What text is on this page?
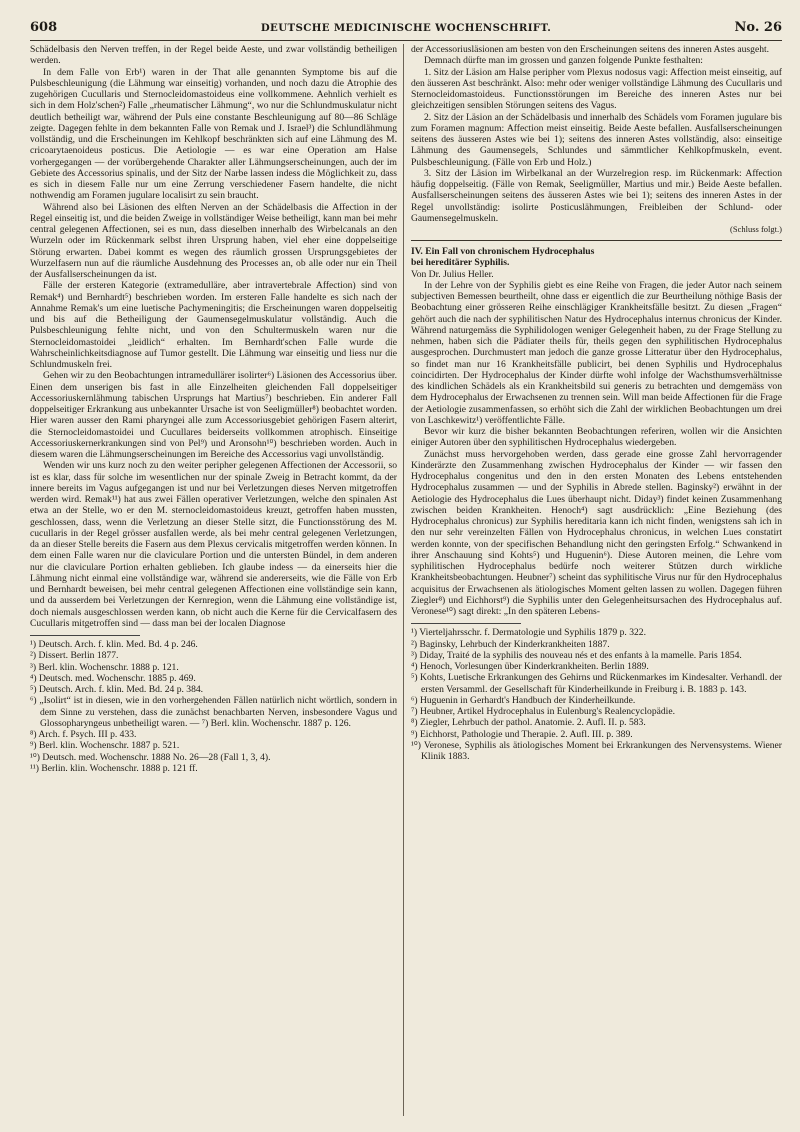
608	DEUTSCHE MEDICINISCHE WOCHENSCHRIFT.	No. 26

Schädelbasis den Nerven treffen, in der Regel beide Aeste, und zwar vollständig betheiligen werden.

In dem Falle von Erb¹) waren in der That alle genannten Symptome bis auf die Pulsbeschleunigung (die Lähmung war einseitig) vorhanden, und noch dazu die Atrophie des zugehörigen Cucullaris und Sternocleidomastoideus eine vollkommene. Aehnlich verhielt es sich in dem Holz'schen²) Falle „rheumatischer Lähmung“, wo nur die Schlundmuskulatur nicht deutlich betheiligt war, während der Puls eine constante Beschleunigung auf 80—86 Schläge zeigte. Dagegen fehlte in dem bekannten Falle von Remak und J. Israel³) die Schlundlähmung vollständig, und die Erscheinungen im Kehlkopf beschränkten sich auf eine Lähmung des M. cricoarytaenoideus posticus. Die Aetiologie — es war eine Operation am Halse vorhergegangen — der vorübergehende Charakter aller Lähmungserscheinungen, auch der im Gebiete des Accessorius spinalis, und der Sitz der Narbe lassen indess die Möglichkeit zu, dass es sich in diesem Falle nur um eine Zerrung verschiedener Fasern handelte, die nicht nothwendig am Foramen jugulare localisirt zu sein braucht.

Während also bei Läsionen des elften Nerven an der Schädelbasis die Affection in der Regel einseitig ist, und die beiden Zweige in vollständiger Weise betheiligt, kann man bei mehr central gelegenen Affectionen, sei es nun, dass dieselben innerhalb des Wirbelcanals an den Wurzeln oder im Rückenmark selbst ihren Ursprung haben, viel eher eine doppelseitige Störung erwarten. Dabei kommt es wegen des räumlich grossen Ursprungsgebietes der Wurzelfasern nun auf die räumliche Ausdehnung des Processes an, ob alle oder nur ein Theil der Ausfallserscheinungen da ist.

Fälle der ersteren Kategorie (extramedulläre, aber intravertebrale Affection) sind von Remak⁴) und Bernhardt⁵) beschrieben worden. Im ersteren Falle handelte es sich nach der Annahme Remak's um eine luetische Pachymeningitis; die Erscheinungen waren doppelseitig und bis auf die Betheiligung der Gaumensegelmuskulatur vollständig. Auch die Pulsbeschleunigung fehlte nicht, und von den Schultermuskeln waren nur die Sternocleidomastoidei „leidlich“ erhalten. Im Bernhardt'schen Falle wurde die Wahrscheinlichkeitsdiagnose auf Tumor gestellt. Die Lähmung war einseitig und liess nur die Schlundmuskeln frei.

Gehen wir zu den Beobachtungen intramedullärer isolirter⁶) Läsionen des Accessorius über. Einen dem unserigen bis fast in alle Einzelheiten gleichenden Fall doppelseitiger Accessoriuskernlähmung tabischen Ursprungs hat Martius⁷) beschrieben. Ein anderer Fall doppelseitiger Erkrankung aus unbekannter Ursache ist von Seeligmüller⁸) beobachtet worden. Hier waren ausser den Rami pharyngei alle zum Accessoriusgebiet gehörigen Fasern alterirt, die Sternocleidomastoidei und Cucullares beiderseits vollkommen atrophisch. Einseitige Accessoriuskernerkrankungen sind von Pel⁹) und Aronsohn¹⁰) beschrieben worden. Auch in diesem waren die Lähmungserscheinungen im Bereiche des Accessorius vagi unvollständig.

Wenden wir uns kurz noch zu den weiter peripher gelegenen Affectionen der Accessorii, so ist es klar, dass für solche im wesentlichen nur der spinale Zweig in Betracht kommt, da der innere bereits im Vagus aufgegangen ist und nur bei Verletzungen dieses Nerven mitgetroffen werden wird. Remak¹¹) hat aus zwei Fällen operativer Verletzungen, welche den spinalen Ast etwa an der Stelle, wo er den M. sternocleidomastoideus kreuzt, getroffen haben mussten, geschlossen, dass, wenn die Verletzung an dieser Stelle sitzt, die Functionsstörung des M. cucullaris in der Regel grösser ausfallen werde, als bei mehr central gelegenen Verletzungen, da an dieser Stelle bereits die Fasern aus dem Plexus cervicalis mitgetroffen werden können. In dem einen Falle waren nur die claviculare Portion und die untersten Bündel, in dem anderen nur die claviculare Portion erhalten geblieben. Ich glaube indess — da einerseits hier die Lähmung nicht einmal eine vollständige war, während sie andererseits, wie die Fälle von Erb und Bernhardt beweisen, bei mehr central gelegenen Affectionen eine vollständige sein kann, und da ausserdem bei Verletzungen der Kernregion, wenn die Lähmung eine vollständige ist, doch niemals ausgeschlossen werden kann, ob nicht auch die Kerne für die Cervicalfasern des Cucullaris mitgetroffen sind — dass man bei der localen Diagnose

¹) Deutsch. Arch. f. klin. Med. Bd. 4 p. 246.

²) Dissert. Berlin 1877.

³) Berl. klin. Wochenschr. 1888 p. 121.

⁴) Deutsch. med. Wochenschr. 1885 p. 469.

⁵) Deutsch. Arch. f. klin. Med. Bd. 24 p. 384.

⁶) „Isolirt“ ist in diesen, wie in den vorhergehenden Fällen natürlich nicht wörtlich, sondern in dem Sinne zu verstehen, dass die zunächst benachbarten Nerven, insbesondere Vagus und Glossopharyngeus unbetheiligt waren. — ⁷) Berl. klin. Wochenschr. 1887 p. 126.

⁸) Arch. f. Psych. III p. 433.

⁹) Berl. klin. Wochenschr. 1887 p. 521.

¹⁰) Deutsch. med. Wochenschr. 1888 No. 26—28 (Fall 1, 3, 4).

¹¹) Berlin. klin. Wochenschr. 1888 p. 121 ff.

der Accessoriusläsionen am besten von den Erscheinungen seitens des inneren Astes ausgeht.

Demnach dürfte man im grossen und ganzen folgende Punkte festhalten:

1. Sitz der Läsion am Halse peripher vom Plexus nodosus vagi: Affection meist einseitig, auf den äusseren Ast beschränkt. Also: mehr oder weniger vollständige Lähmung des Cucullaris und Sternocleidomastoideus. Functionsstörungen im Bereiche des inneren Astes nur bei gleichzeitigen sensiblen Störungen seitens des Vagus.

2. Sitz der Läsion an der Schädelbasis und innerhalb des Schädels vom Foramen jugulare bis zum Foramen magnum: Affection meist einseitig. Beide Aeste befallen. Ausfallserscheinungen seitens des äusseren Astes wie bei 1); seitens des inneren Astes vollständig, also: einseitige Lähmung des Gaumensegels, Schlundes und sämmtlicher Kehlkopfmuskeln, event. Pulsbeschleunigung. (Fälle von Erb und Holz.)

3. Sitz der Läsion im Wirbelkanal an der Wurzelregion resp. im Rückenmark: Affection häufig doppelseitig. (Fälle von Remak, Seeligmüller, Martius und mir.) Beide Aeste befallen. Ausfallserscheinungen seitens des äusseren Astes wie bei 1); seitens des inneren Astes in der Regel unvollständig: isolirte Posticuslähmungen, Freibleiben der Schlund- oder Gaumensegelmuskeln.

(Schluss folgt.)

IV. Ein Fall von chronischem Hydrocephalus

bei hereditärer Syphilis.

Von Dr. Julius Heller.

In der Lehre von der Syphilis giebt es eine Reihe von Fragen, die jeder Autor nach seinem subjectiven Bemessen beurtheilt, ohne dass er eigentlich die zur Beurtheilung nöthige Basis der Beobachtung einer grösseren Reihe einschlägiger Krankheitsfälle besitzt. Zu diesen „Fragen“ gehört auch die nach der syphilitischen Natur des Hydrocephalus internus chronicus der Kinder. Während naturgemäss die Syphilidologen weniger Gelegenheit haben, zu der Frage Stellung zu nehmen, haben sich die Pädiater theils für, theils gegen den syphilitischen Hydrocephalus ausgesprochen. Durchmustert man jedoch die ganze grosse Litteratur über den Hydrocephalus, so findet man nur 16 Krankheitsfälle publicirt, bei denen Syphilis und Hydrocephalus coincidirten. Der Hydrocephalus der Kinder dürfte wohl infolge der Wachsthumsverhältnisse des kindlichen Schädels als ein Krankheitsbild sui generis zu betrachten und demgemäss von dem Hydrocephalus der Erwachsenen zu trennen sein. Will man beide Affectionen für die Frage der Aetiologie zusammenfassen, so erhöht sich die Zahl der wirklichen Beobachtungen um drei von Laschkewitz¹) veröffentlichte Fälle.

Bevor wir kurz die bisher bekannten Beobachtungen referiren, wollen wir die Ansichten einiger Autoren über den syphilitischen Hydrocephalus wiedergeben.

Zunächst muss hervorgehoben werden, dass gerade eine grosse Zahl hervorragender Kinderärzte den Zusammenhang zwischen Hydrocephalus der Kinder — wir fassen den Hydrocephalus congenitus und den in den ersten Monaten des Lebens entstehenden Hydrocephalus zusammen — und der Syphilis in Abrede stellen. Baginsky²) erwähnt in der Aetiologie des Hydrocephalus die Lues überhaupt nicht. Diday³) findet keinen Zusammenhang zwischen beiden Krankheiten. Henoch⁴) sagt ausdrücklich: „Eine Beziehung (des Hydrocephalus chronicus) zur Syphilis hereditaria kann ich nicht finden, wenigstens sah ich in den nur sehr vereinzelten Fällen von Hydrocephalus chronicus, in welchen Lues constatirt werden konnte, von der specifischen Behandlung nicht den geringsten Erfolg.“ Schwankend in ihrer Anschauung sind Kohts⁵) und Huguenin⁶). Diese Autoren meinen, die Lehre vom syphilitischen Hydrocephalus bedürfe noch weiterer Stützen durch wirkliche Krankheitsbeobachtungen. Heubner⁷) scheint das syphilitische Virus nur für den Hydrocephalus acquisitus der Erwachsenen als ätiologisches Moment gelten lassen zu wollen. Dagegen führen Ziegler⁸) und Eichhorst⁹) die Syphilis unter den Gelegenheitsursachen des Hydrocephalus auf. Veronese¹⁰) sagt direkt: „In den späteren Lebens-

¹) Vierteljahrsschr. f. Dermatologie und Syphilis 1879 p. 322.

²) Baginsky, Lehrbuch der Kinderkrankheiten 1887.

³) Diday, Traité de la syphilis des nouveau nés et des enfants à la mamelle. Paris 1854.

⁴) Henoch, Vorlesungen über Kinderkrankheiten. Berlin 1889.

⁵) Kohts, Luetische Erkrankungen des Gehirns und Rückenmarkes im Kindesalter. Verhandl. der ersten Versamml. der Gesellschaft für Kinderheilkunde in Freiburg i. B. 1883 p. 143.

⁶) Huguenin in Gerhardt's Handbuch der Kinderheilkunde.

⁷) Heubner, Artikel Hydrocephalus in Eulenburg's Realencyclopädie.

⁸) Ziegler, Lehrbuch der pathol. Anatomie. 2. Aufl. II. p. 583.

⁹) Eichhorst, Pathologie und Therapie. 2. Aufl. III. p. 389.

¹⁰) Veronese, Syphilis als ätiologisches Moment bei Erkrankungen des Nervensystems. Wiener Klinik 1883.
